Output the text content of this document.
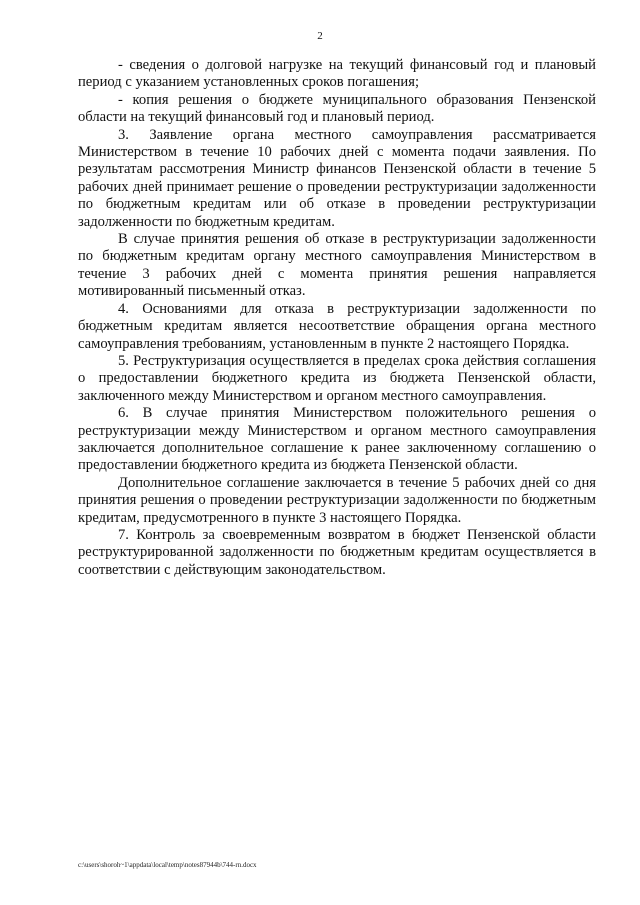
2

- сведения о долговой нагрузке на текущий финансовый год и плановый период с указанием установленных сроков погашения;

- копия решения о бюджете муниципального образования Пензенской области на текущий финансовый год и плановый период.

3. Заявление органа местного самоуправления рассматривается Министерством в течение 10 рабочих дней с момента подачи заявления. По результатам рассмотрения Министр финансов Пензенской области в течение 5 рабочих дней принимает решение о проведении реструктуризации задолженности по бюджетным кредитам или об отказе в проведении реструктуризации задолженности по бюджетным кредитам.

В случае принятия решения об отказе в реструктуризации задолженности по бюджетным кредитам органу местного самоуправления Министерством в течение 3 рабочих дней с момента принятия решения направляется мотивированный письменный отказ.

4. Основаниями для отказа в реструктуризации задолженности по бюджетным кредитам является несоответствие обращения органа местного самоуправления требованиям, установленным в пункте 2 настоящего Порядка.

5. Реструктуризация осуществляется в пределах срока действия соглашения о предоставлении бюджетного кредита из бюджета Пензенской области, заключенного между Министерством и органом местного самоуправления.

6. В случае принятия Министерством положительного решения о реструктуризации между Министерством и органом местного самоуправления заключается дополнительное соглашение к ранее заключенному соглашению о предоставлении бюджетного кредита из бюджета Пензенской области.

Дополнительное соглашение заключается в течение 5 рабочих дней со дня принятия решения о проведении реструктуризации задолженности по бюджетным кредитам, предусмотренного в пункте 3 настоящего Порядка.

7. Контроль за своевременным возвратом в бюджет Пензенской области реструктурированной задолженности по бюджетным кредитам осуществляется в соответствии с действующим законодательством.

c:\users\shoroh~1\appdata\local\temp\notes87944b\744-rn.docx
